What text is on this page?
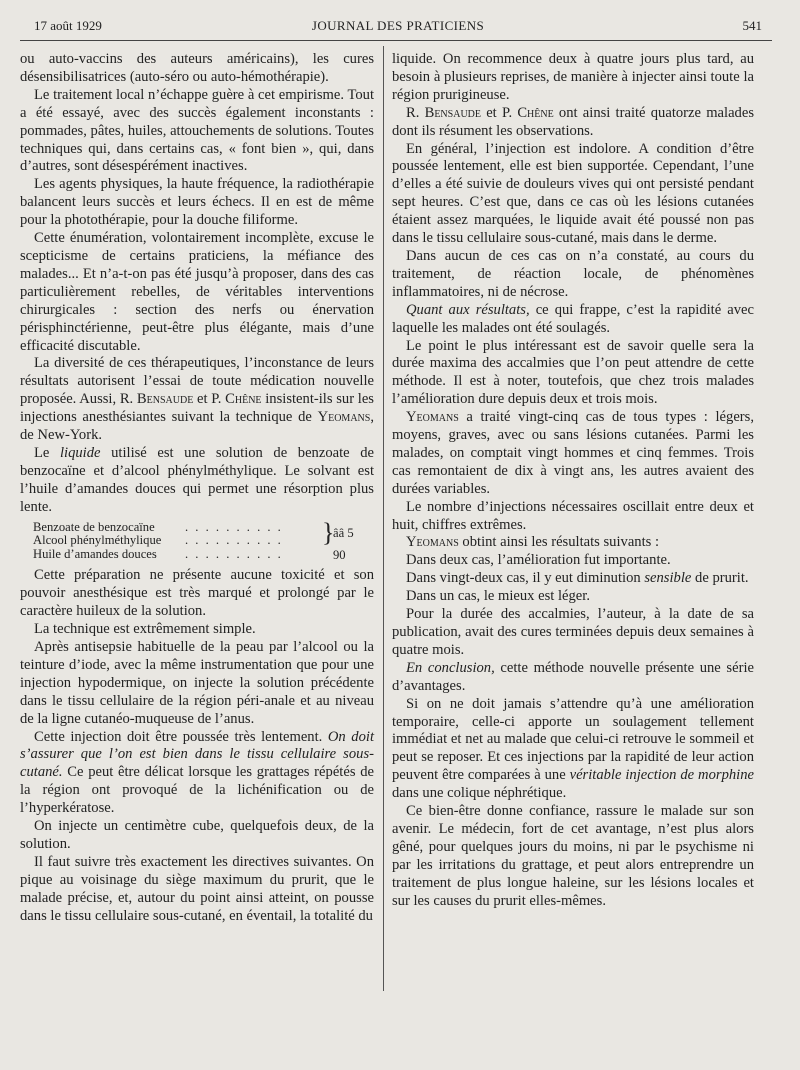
17 août 1929	JOURNAL DES PRATICIENS	541

ou auto-vaccins des auteurs américains), les cures désensibilisatrices (auto-séro ou auto-hémothérapie).

Le traitement local n’échappe guère à cet empirisme. Tout a été essayé, avec des succès également inconstants : pommades, pâtes, huiles, attouchements de solutions. Toutes techniques qui, dans certains cas, « font bien », qui, dans d’autres, sont désespérément inactives.

Les agents physiques, la haute fréquence, la radiothérapie balancent leurs succès et leurs échecs. Il en est de même pour la photothérapie, pour la douche filiforme.

Cette énumération, volontairement incomplète, excuse le scepticisme de certains praticiens, la méfiance des malades... Et n’a-t-on pas été jusqu’à proposer, dans des cas particulièrement rebelles, de véritables interventions chirurgicales : section des nerfs ou énervation périsphinctérienne, peut-être plus élégante, mais d’une efficacité discutable.

La diversité de ces thérapeutiques, l’inconstance de leurs résultats autorisent l’essai de toute médication nouvelle proposée. Aussi, R. Bensaude et P. Chêne insistent-ils sur les injections anesthésiantes suivant la technique de Yeomans, de New-York.

Le liquide utilisé est une solution de benzoate de benzocaïne et d’alcool phénylméthylique. Le solvant est l’huile d’amandes douces qui permet une résorption plus lente.

Benzoate de benzocaïne . . . . . . . . . .
Alcool phénylméthylique . . . . . . . . . .
Huile d’amandes douces . . . . . . . . . .
}
ââ 5
90

Cette préparation ne présente aucune toxicité et son pouvoir anesthésique est très marqué et prolongé par le caractère huileux de la solution.

La technique est extrêmement simple.

Après antisepsie habituelle de la peau par l’alcool ou la teinture d’iode, avec la même instrumentation que pour une injection hypodermique, on injecte la solution précédente dans le tissu cellulaire de la région péri-anale et au niveau de la ligne cutanéo-muqueuse de l’anus.

Cette injection doit être poussée très lentement. On doit s’assurer que l’on est bien dans le tissu cellulaire sous-cutané. Ce peut être délicat lorsque les grattages répétés de la région ont provoqué de la lichénification ou de l’hyperkératose.

On injecte un centimètre cube, quelquefois deux, de la solution.

Il faut suivre très exactement les directives suivantes. On pique au voisinage du siège maximum du prurit, que le malade précise, et, autour du point ainsi atteint, on pousse dans le tissu cellulaire sous-cutané, en éventail, la totalité du

liquide. On recommence deux à quatre jours plus tard, au besoin à plusieurs reprises, de manière à injecter ainsi toute la région prurigineuse.

R. Bensaude et P. Chêne ont ainsi traité quatorze malades dont ils résument les observations.

En général, l’injection est indolore. A condition d’être poussée lentement, elle est bien supportée. Cependant, l’une d’elles a été suivie de douleurs vives qui ont persisté pendant sept heures. C’est que, dans ce cas où les lésions cutanées étaient assez marquées, le liquide avait été poussé non pas dans le tissu cellulaire sous-cutané, mais dans le derme.

Dans aucun de ces cas on n’a constaté, au cours du traitement, de réaction locale, de phénomènes inflammatoires, ni de nécrose.

Quant aux résultats, ce qui frappe, c’est la rapidité avec laquelle les malades ont été soulagés.

Le point le plus intéressant est de savoir quelle sera la durée maxima des accalmies que l’on peut attendre de cette méthode. Il est à noter, toutefois, que chez trois malades l’amélioration dure depuis deux et trois mois.

Yeomans a traité vingt-cinq cas de tous types : légers, moyens, graves, avec ou sans lésions cutanées. Parmi les malades, on comptait vingt hommes et cinq femmes. Trois cas remontaient de dix à vingt ans, les autres avaient des durées variables.

Le nombre d’injections nécessaires oscillait entre deux et huit, chiffres extrêmes.

Yeomans obtint ainsi les résultats suivants :

Dans deux cas, l’amélioration fut importante.

Dans vingt-deux cas, il y eut diminution sensible de prurit.

Dans un cas, le mieux est léger.

Pour la durée des accalmies, l’auteur, à la date de sa publication, avait des cures terminées depuis deux semaines à quatre mois.

En conclusion, cette méthode nouvelle présente une série d’avantages.

Si on ne doit jamais s’attendre qu’à une amélioration temporaire, celle-ci apporte un soulagement tellement immédiat et net au malade que celui-ci retrouve le sommeil et peut se reposer. Et ces injections par la rapidité de leur action peuvent être comparées à une véritable injection de morphine dans une colique néphrétique.

Ce bien-être donne confiance, rassure le malade sur son avenir. Le médecin, fort de cet avantage, n’est plus alors gêné, pour quelques jours du moins, ni par le psychisme ni par les irritations du grattage, et peut alors entreprendre un traitement de plus longue haleine, sur les lésions locales et sur les causes du prurit elles-mêmes.
